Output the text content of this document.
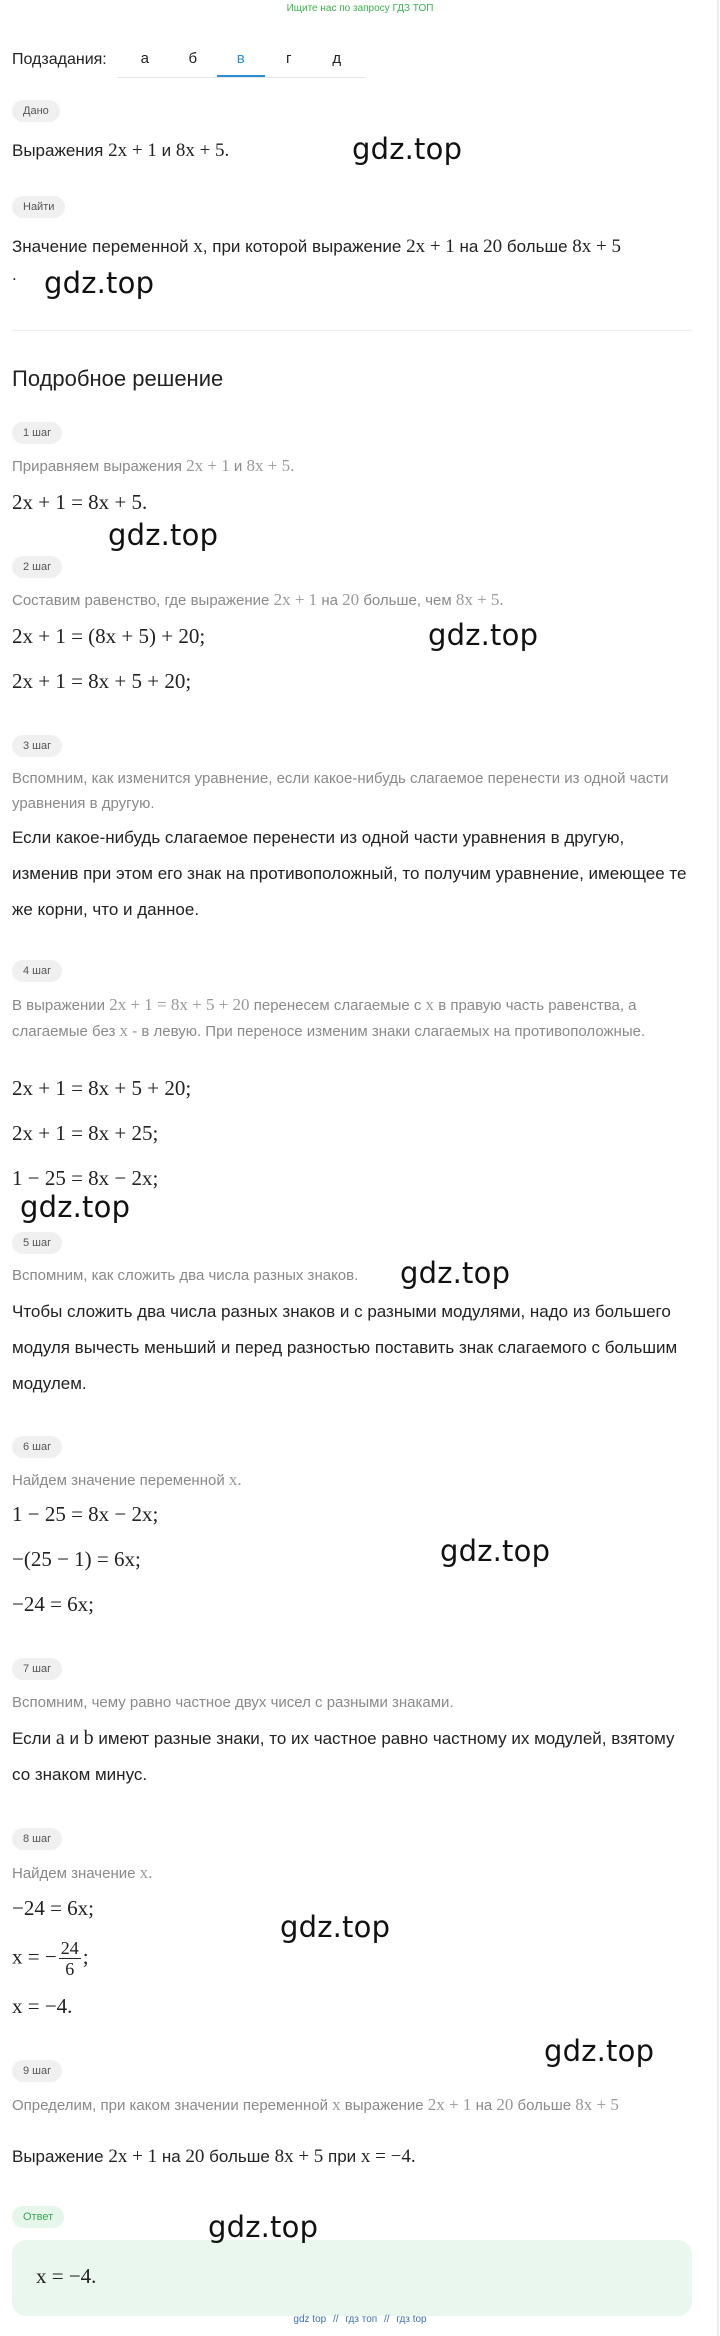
Ищите нас по запросу ГДЗ ТОП
Подзадания:	а	б	в	г	д
Дано
Выражения 2x + 1 и 8x + 5.
Найти
Значение переменной x, при которой выражение 2x + 1 на 20 больше 8x + 5
.
Подробное решение
1 шаг
Приравняем выражения 2x + 1 и 8x + 5.
2x + 1 = 8x + 5.
2 шаг
Составим равенство, где выражение 2x + 1 на 20 больше, чем 8x + 5.
2x + 1 = (8x + 5) + 20;
2x + 1 = 8x + 5 + 20;
3 шаг
Вспомним, как изменится уравнение, если какое-нибудь слагаемое перенести из одной части уравнения в другую.
Если какое-нибудь слагаемое перенести из одной части уравнения в другую, изменив при этом его знак на противоположный, то получим уравнение, имеющее те же корни, что и данное.
4 шаг
В выражении 2x + 1 = 8x + 5 + 20 перенесем слагаемые с x в правую часть равенства, а слагаемые без x - в левую. При переносе изменим знаки слагаемых на противоположные.
2x + 1 = 8x + 5 + 20;
2x + 1 = 8x + 25;
1 − 25 = 8x − 2x;
5 шаг
Вспомним, как сложить два числа разных знаков.
Чтобы сложить два числа разных знаков и с разными модулями, надо из большего модуля вычесть меньший и перед разностью поставить знак слагаемого с большим модулем.
6 шаг
Найдем значение переменной x.
1 − 25 = 8x − 2x;
−(25 − 1) = 6x;
−24 = 6x;
7 шаг
Вспомним, чему равно частное двух чисел с разными знаками.
Если a и b имеют разные знаки, то их частное равно частному их модулей, взятому со знаком минус.
8 шаг
Найдем значение x.
−24 = 6x;
x = − $\frac{24}{6}$ ;
x = −4.
9 шаг
Определим, при каком значении переменной x выражение 2x + 1 на 20 больше 8x + 5
Выражение 2x + 1 на 20 больше 8x + 5 при x = −4.
Ответ
x = −4.
gdz.top
gdz.top
gdz.top
gdz.top
gdz.top
gdz.top
gdz.top
gdz.top
gdz.top
gdz.top
gdz top // гдз топ // гдз top
